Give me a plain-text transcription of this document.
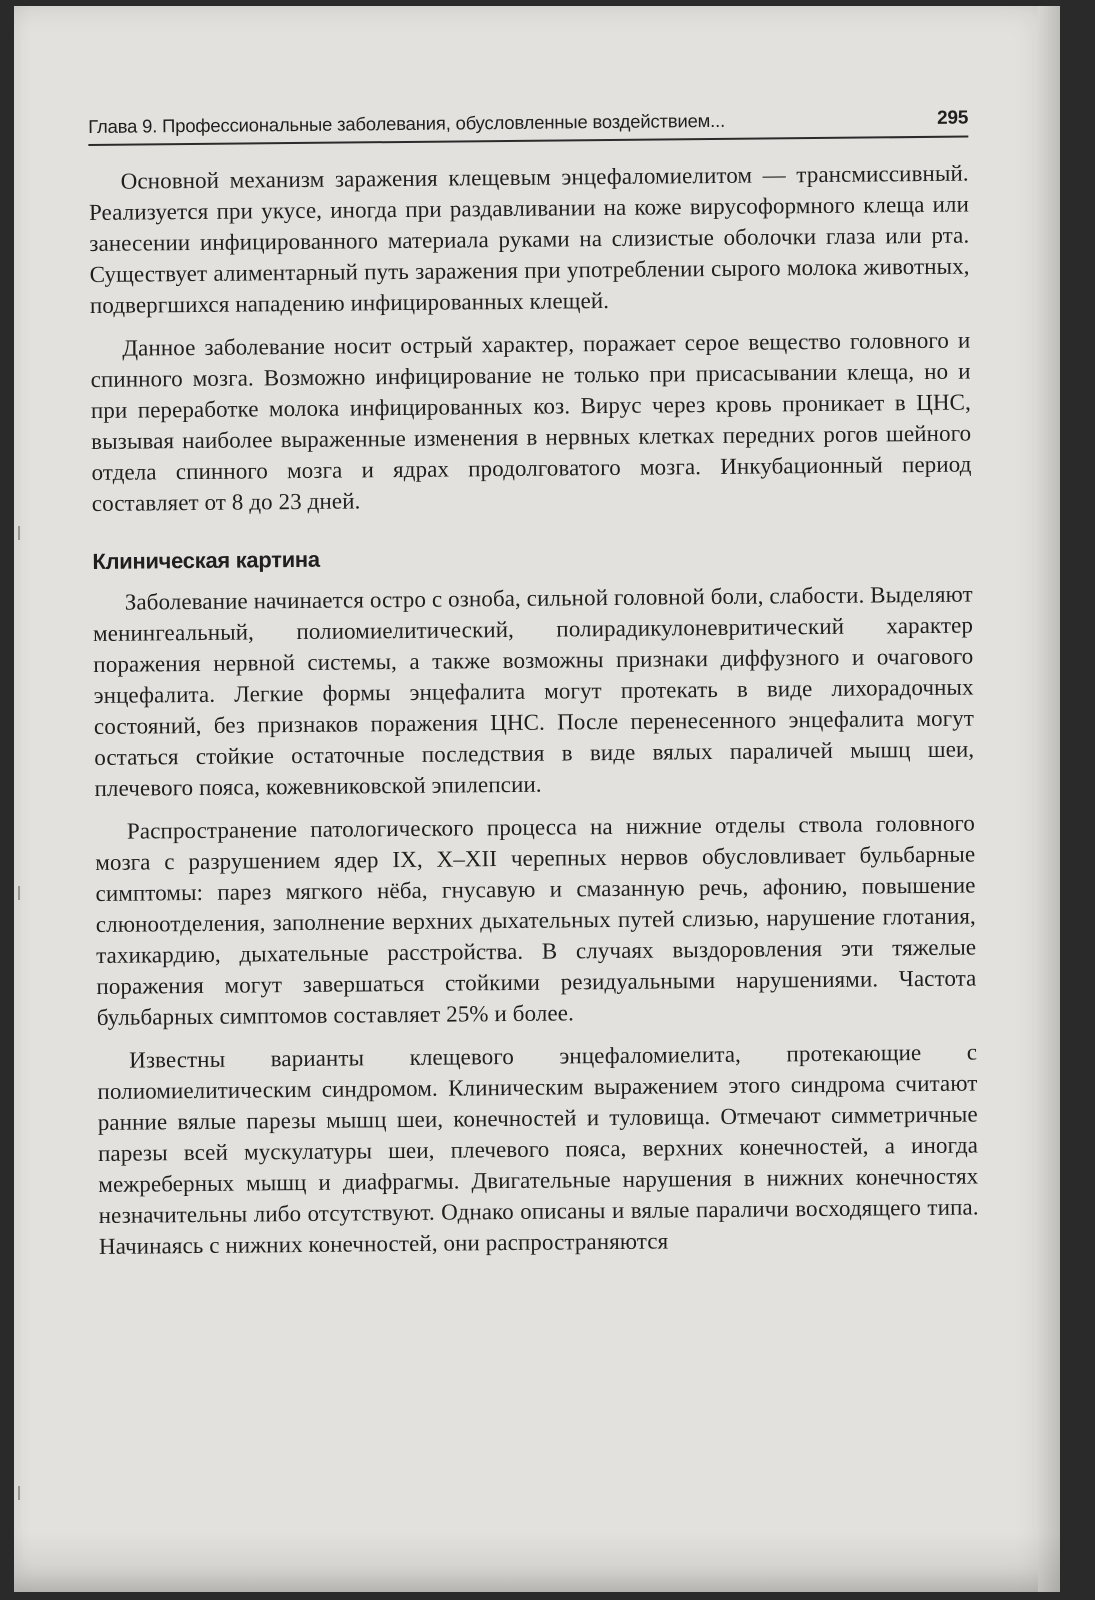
Глава 9. Профессиональные заболевания, обусловленные воздействием...	295

Основной механизм заражения клещевым энцефаломиелитом — трансмиссивный. Реализуется при укусе, иногда при раздавливании на коже вирусоформного клеща или занесении инфицированного материала руками на слизистые оболочки глаза или рта. Существует алиментарный путь заражения при употреблении сырого молока животных, подвергшихся нападению инфицированных клещей.

Данное заболевание носит острый характер, поражает серое вещество головного и спинного мозга. Возможно инфицирование не только при присасывании клеща, но и при переработке молока инфицированных коз. Вирус через кровь проникает в ЦНС, вызывая наиболее выраженные изменения в нервных клетках передних рогов шейного отдела спинного мозга и ядрах продолговатого мозга. Инкубационный период составляет от 8 до 23 дней.

Клиническая картина

Заболевание начинается остро с озноба, сильной головной боли, слабости. Выделяют менингеальный, полиомиелитический, полирадикулоневритический характер поражения нервной системы, а также возможны признаки диффузного и очагового энцефалита. Легкие формы энцефалита могут протекать в виде лихорадочных состояний, без признаков поражения ЦНС. После перенесенного энцефалита могут остаться стойкие остаточные последствия в виде вялых параличей мышц шеи, плечевого пояса, кожевниковской эпилепсии.

Распространение патологического процесса на нижние отделы ствола головного мозга с разрушением ядер IX, X–XII черепных нервов обусловливает бульбарные симптомы: парез мягкого нёба, гнусавую и смазанную речь, афонию, повышение слюноотделения, заполнение верхних дыхательных путей слизью, нарушение глотания, тахикардию, дыхательные расстройства. В случаях выздоровления эти тяжелые поражения могут завершаться стойкими резидуальными нарушениями. Частота бульбарных симптомов составляет 25% и более.

Известны варианты клещевого энцефаломиелита, протекающие с полиомиелитическим синдромом. Клиническим выражением этого синдрома считают ранние вялые парезы мышц шеи, конечностей и туловища. Отмечают симметричные парезы всей мускулатуры шеи, плечевого пояса, верхних конечностей, а иногда межреберных мышц и диафрагмы. Двигательные нарушения в нижних конечностях незначительны либо отсутствуют. Однако описаны и вялые параличи восходящего типа. Начинаясь с нижних конечностей, они распространяются
